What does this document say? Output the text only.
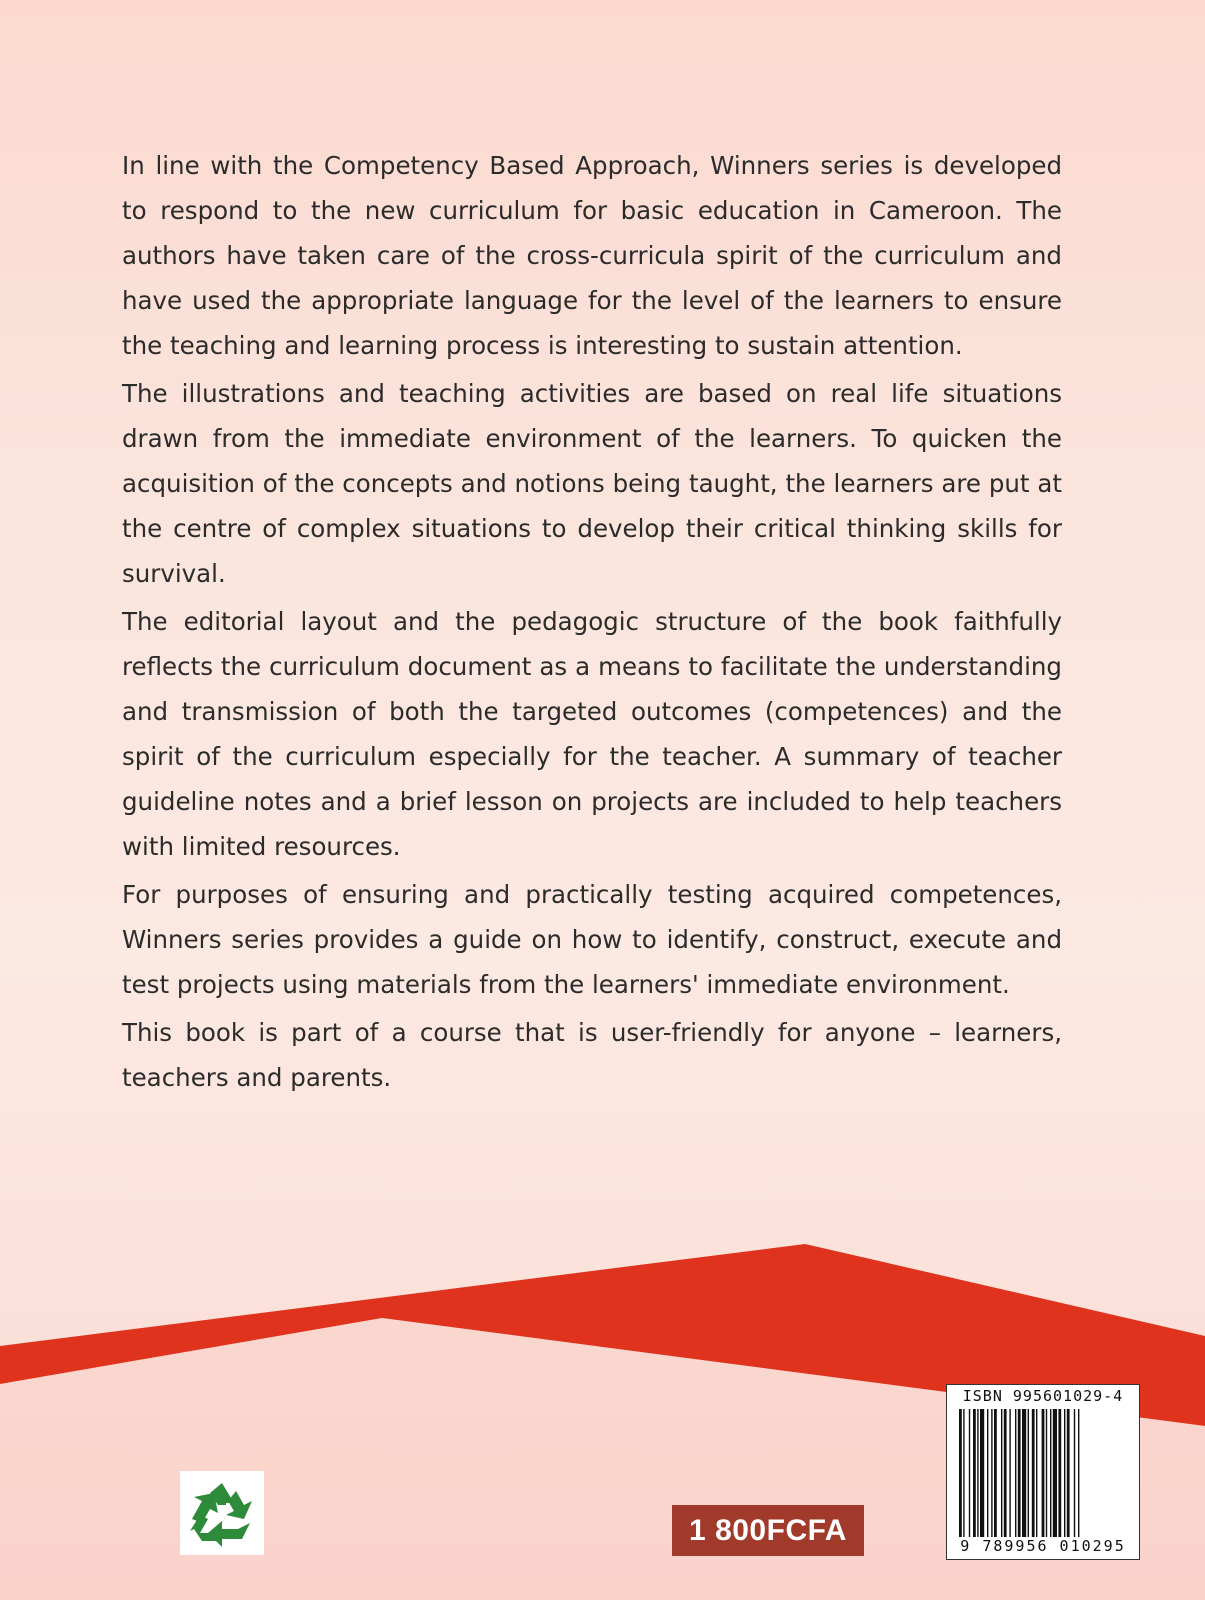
In line with the Competency Based Approach, Winners series is developed to respond to the new curriculum for basic education in Cameroon. The authors have taken care of the cross-curricula spirit of the curriculum and have used the appropriate language for the level of the learners to ensure the teaching and learning process is interesting to sustain attention.

The illustrations and teaching activities are based on real life situations drawn from the immediate environment of the learners. To quicken the acquisition of the concepts and notions being taught, the learners are put at the centre of complex situations to develop their critical thinking skills for survival.

The editorial layout and the pedagogic structure of the book faithfully reflects the curriculum document as a means to facilitate the understanding and transmission of both the targeted outcomes (competences) and the spirit of the curriculum especially for the teacher. A summary of teacher guideline notes and a brief lesson on projects are included to help teachers with limited resources.

For purposes of ensuring and practically testing acquired competences, Winners series provides a guide on how to identify, construct, execute and test projects using materials from the learners' immediate environment.

This book is part of a course that is user-friendly for anyone – learners, teachers and parents.

1 800FCFA
ISBN 995601029-4
9 789956 010295
